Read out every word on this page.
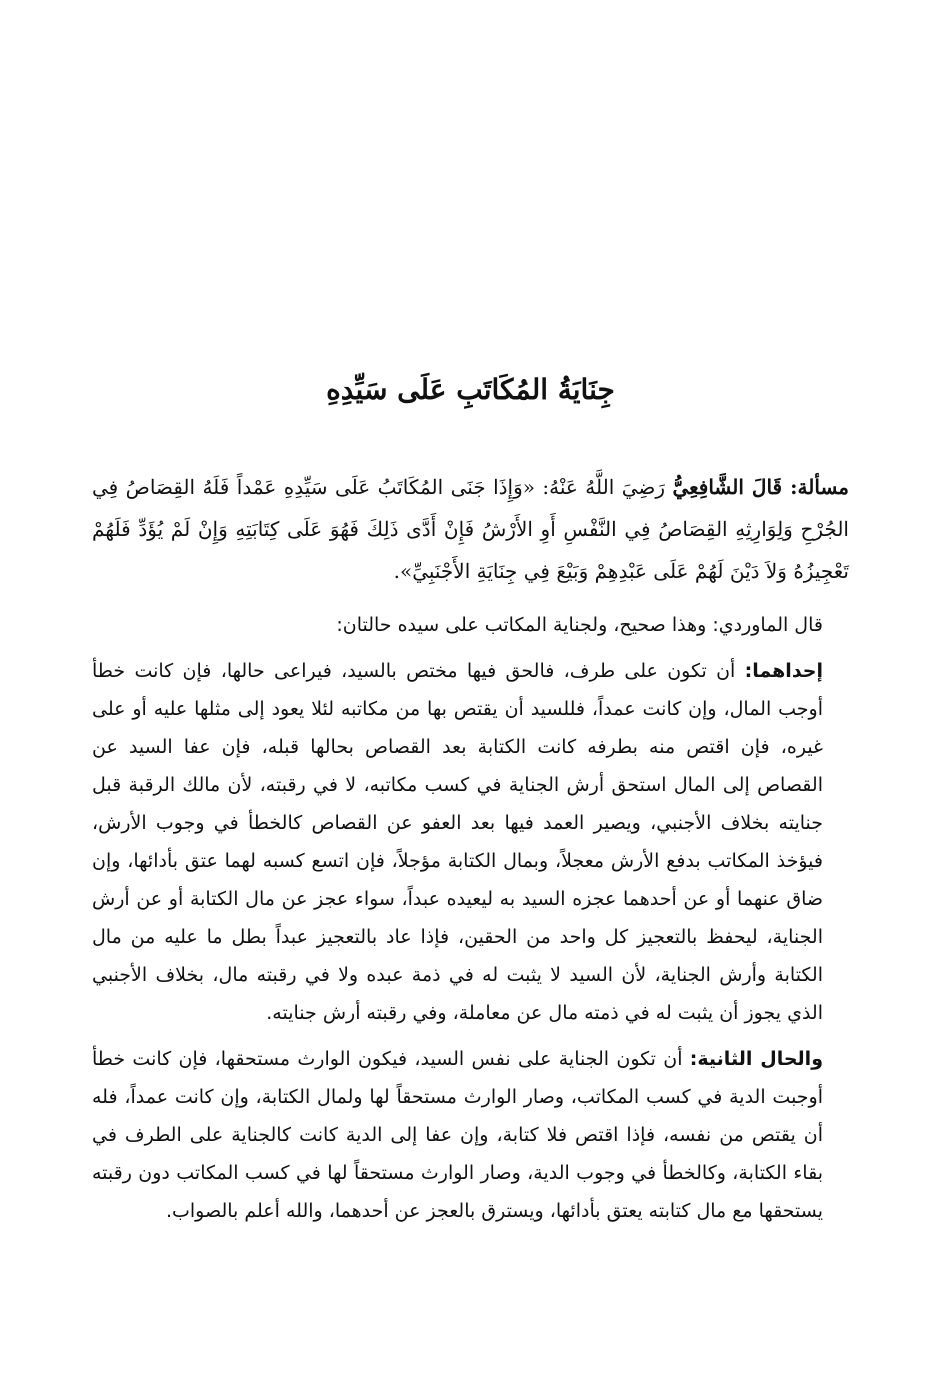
جِنَايَةُ المُكَاتَبِ عَلَى سَيِّدِهِ

مسألة: قَالَ الشَّافِعِيُّ رَضِيَ اللَّهُ عَنْهُ: «وَإِذَا جَنَى المُكَاتَبُ عَلَى سَيِّدِهِ عَمْداً فَلَهُ القِصَاصُ فِي الجُرْحِ وَلِوَارِثِهِ القِصَاصُ فِي النَّفْسِ أَوِ الأَرْشُ فَإِنْ أَدَّى ذَلِكَ فَهُوَ عَلَى كِتَابَتِهِ وَإِنْ لَمْ يُؤَدِّ فَلَهُمْ تَعْجِيزُهُ وَلاَ دَيْنَ لَهُمْ عَلَى عَبْدِهِمْ وَبَيْعَ فِي جِنَايَةِ الأَجْنَبِيِّ».

قال الماوردي: وهذا صحيح، ولجناية المكاتب على سيده حالتان:

إحداهما: أن تكون على طرف، فالحق فيها مختص بالسيد، فيراعى حالها، فإن كانت خطأ أوجب المال، وإن كانت عمداً، فللسيد أن يقتص بها من مكاتبه لئلا يعود إلى مثلها عليه أو على غيره، فإن اقتص منه بطرفه كانت الكتابة بعد القصاص بحالها قبله، فإن عفا السيد عن القصاص إلى المال استحق أرش الجناية في كسب مكاتبه، لا في رقبته، لأن مالك الرقبة قبل جنايته بخلاف الأجنبي، ويصير العمد فيها بعد العفو عن القصاص كالخطأ في وجوب الأرش، فيؤخذ المكاتب بدفع الأرش معجلاً، وبمال الكتابة مؤجلاً، فإن اتسع كسبه لهما عتق بأدائها، وإن ضاق عنهما أو عن أحدهما عجزه السيد به ليعيده عبداً، سواء عجز عن مال الكتابة أو عن أرش الجناية، ليحفظ بالتعجيز كل واحد من الحقين، فإذا عاد بالتعجيز عبداً بطل ما عليه من مال الكتابة وأرش الجناية، لأن السيد لا يثبت له في ذمة عبده ولا في رقبته مال، بخلاف الأجنبي الذي يجوز أن يثبت له في ذمته مال عن معاملة، وفي رقبته أرش جنايته.

والحال الثانية: أن تكون الجناية على نفس السيد، فيكون الوارث مستحقها، فإن كانت خطأ أوجبت الدية في كسب المكاتب، وصار الوارث مستحقاً لها ولمال الكتابة، وإن كانت عمداً، فله أن يقتص من نفسه، فإذا اقتص فلا كتابة، وإن عفا إلى الدية كانت كالجناية على الطرف في بقاء الكتابة، وكالخطأ في وجوب الدية، وصار الوارث مستحقاً لها في كسب المكاتب دون رقبته يستحقها مع مال كتابته يعتق بأدائها، ويسترق بالعجز عن أحدهما، والله أعلم بالصواب.
